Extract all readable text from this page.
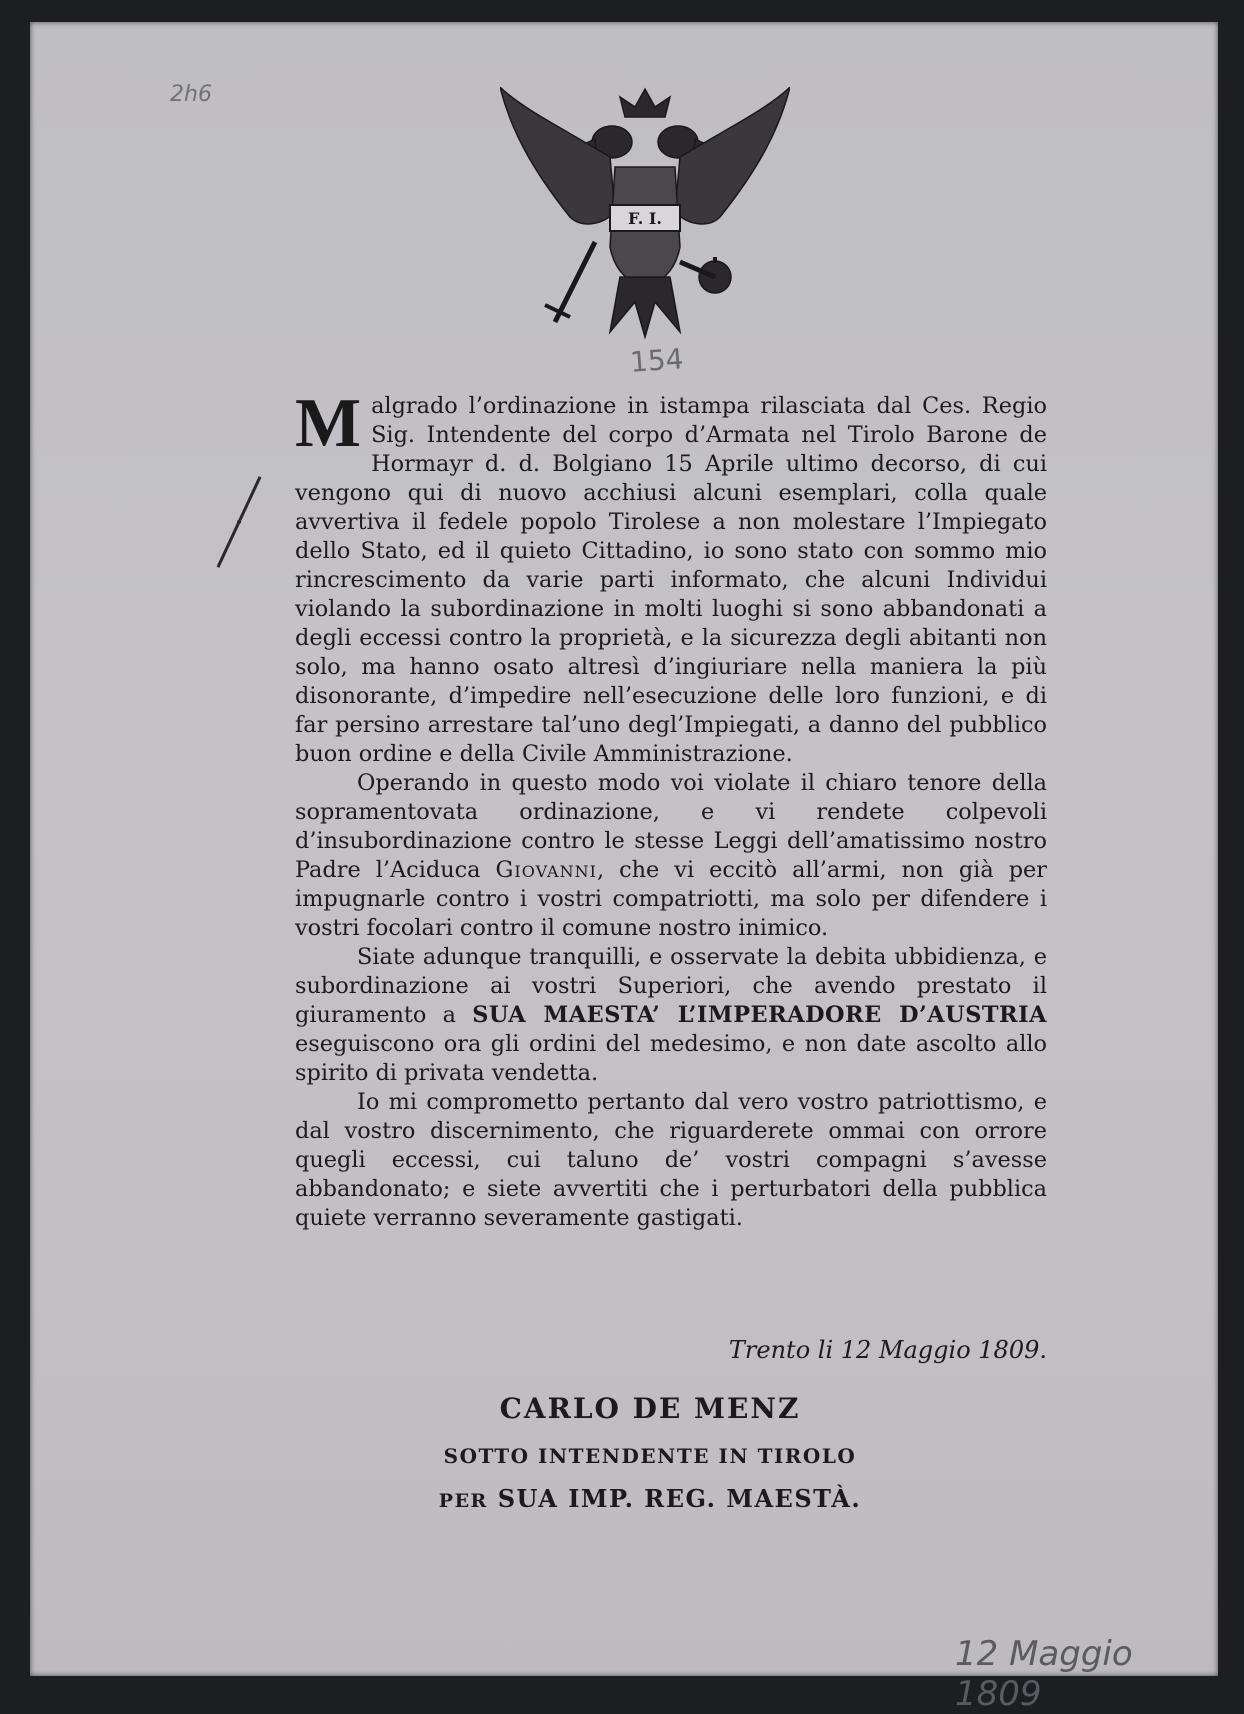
2h6
F. I.
154

Malgrado l’ordinazione in istampa rilasciata dal Ces. Regio Sig. Intendente del corpo d’Armata nel Tirolo Barone de Hormayr d. d. Bolgiano 15 Aprile ultimo decorso, di cui vengono qui di nuovo acchiusi alcuni esemplari, colla quale avvertiva il fedele popolo Tirolese a non molestare l’Impiegato dello Stato, ed il quieto Cittadino, io sono stato con sommo mio rincrescimento da varie parti informato, che alcuni Individui violando la subordinazione in molti luoghi si sono abbandonati a degli eccessi contro la proprietà, e la sicurezza degli abitanti non solo, ma hanno osato altresì d’ingiuriare nella maniera la più disonorante, d’impedire nell’esecuzione delle loro funzioni, e di far persino arrestare tal’uno degl’Impiegati, a danno del pubblico buon ordine e della Civile Amministrazione.

Operando in questo modo voi violate il chiaro tenore della sopramentovata ordinazione, e vi rendete colpevoli d’insubordinazione contro le stesse Leggi dell’amatissimo nostro Padre l’Aciduca Giovanni, che vi eccitò all’armi, non già per impugnarle contro i vostri compatriotti, ma solo per difendere i vostri focolari contro il comune nostro inimico.

Siate adunque tranquilli, e osservate la debita ubbidienza, e subordinazione ai vostri Superiori, che avendo prestato il giuramento a SUA MAESTA’ L’IMPERADORE D’AUSTRIA eseguiscono ora gli ordini del medesimo, e non date ascolto allo spirito di privata vendetta.

Io mi comprometto pertanto dal vero vostro patriottismo, e dal vostro discernimento, che riguarderete ommai con orrore quegli eccessi, cui taluno de’ vostri compagni s’avesse abbandonato; e siete avvertiti che i perturbatori della pubblica quiete verranno severamente gastigati.

Trento li 12 Maggio 1809.
CARLO DE MENZ
SOTTO INTENDENTE IN TIROLO
PER SUA IMP. REG. MAESTÀ.
12 Maggio 1809
